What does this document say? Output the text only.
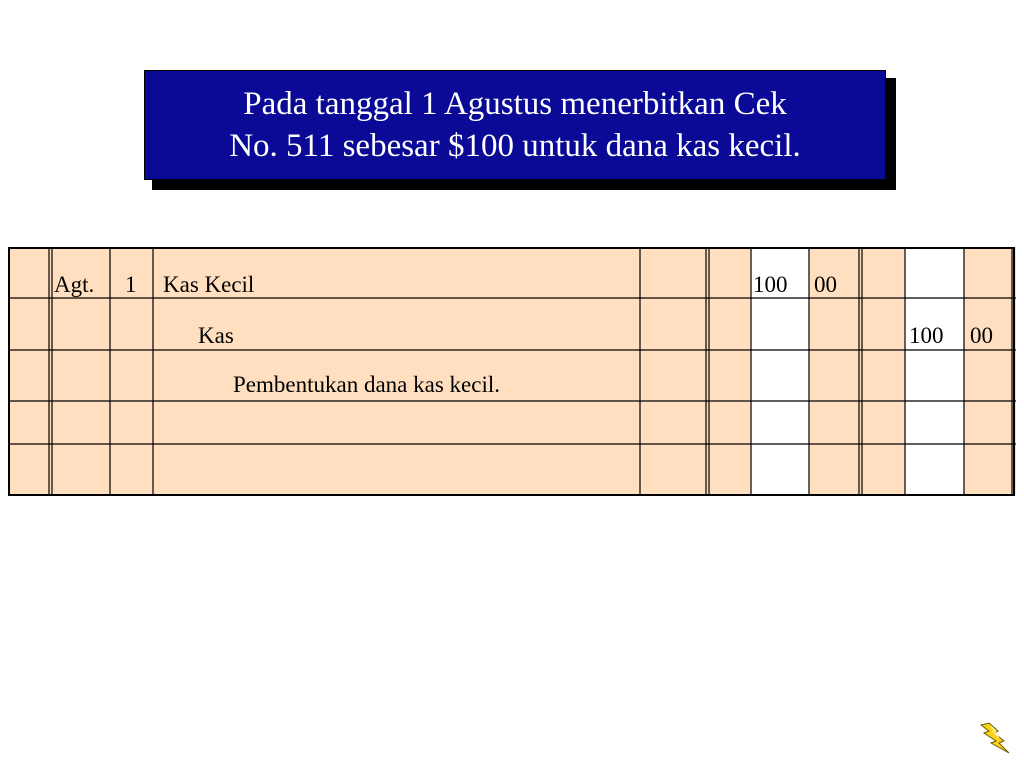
Pada tanggal 1 Agustus menerbitkan Cek
No. 511 sebesar $100 untuk dana kas kecil.
Agt. 1 Kas Kecil	100 00
Kas	100 00
Pembentukan dana kas kecil.
